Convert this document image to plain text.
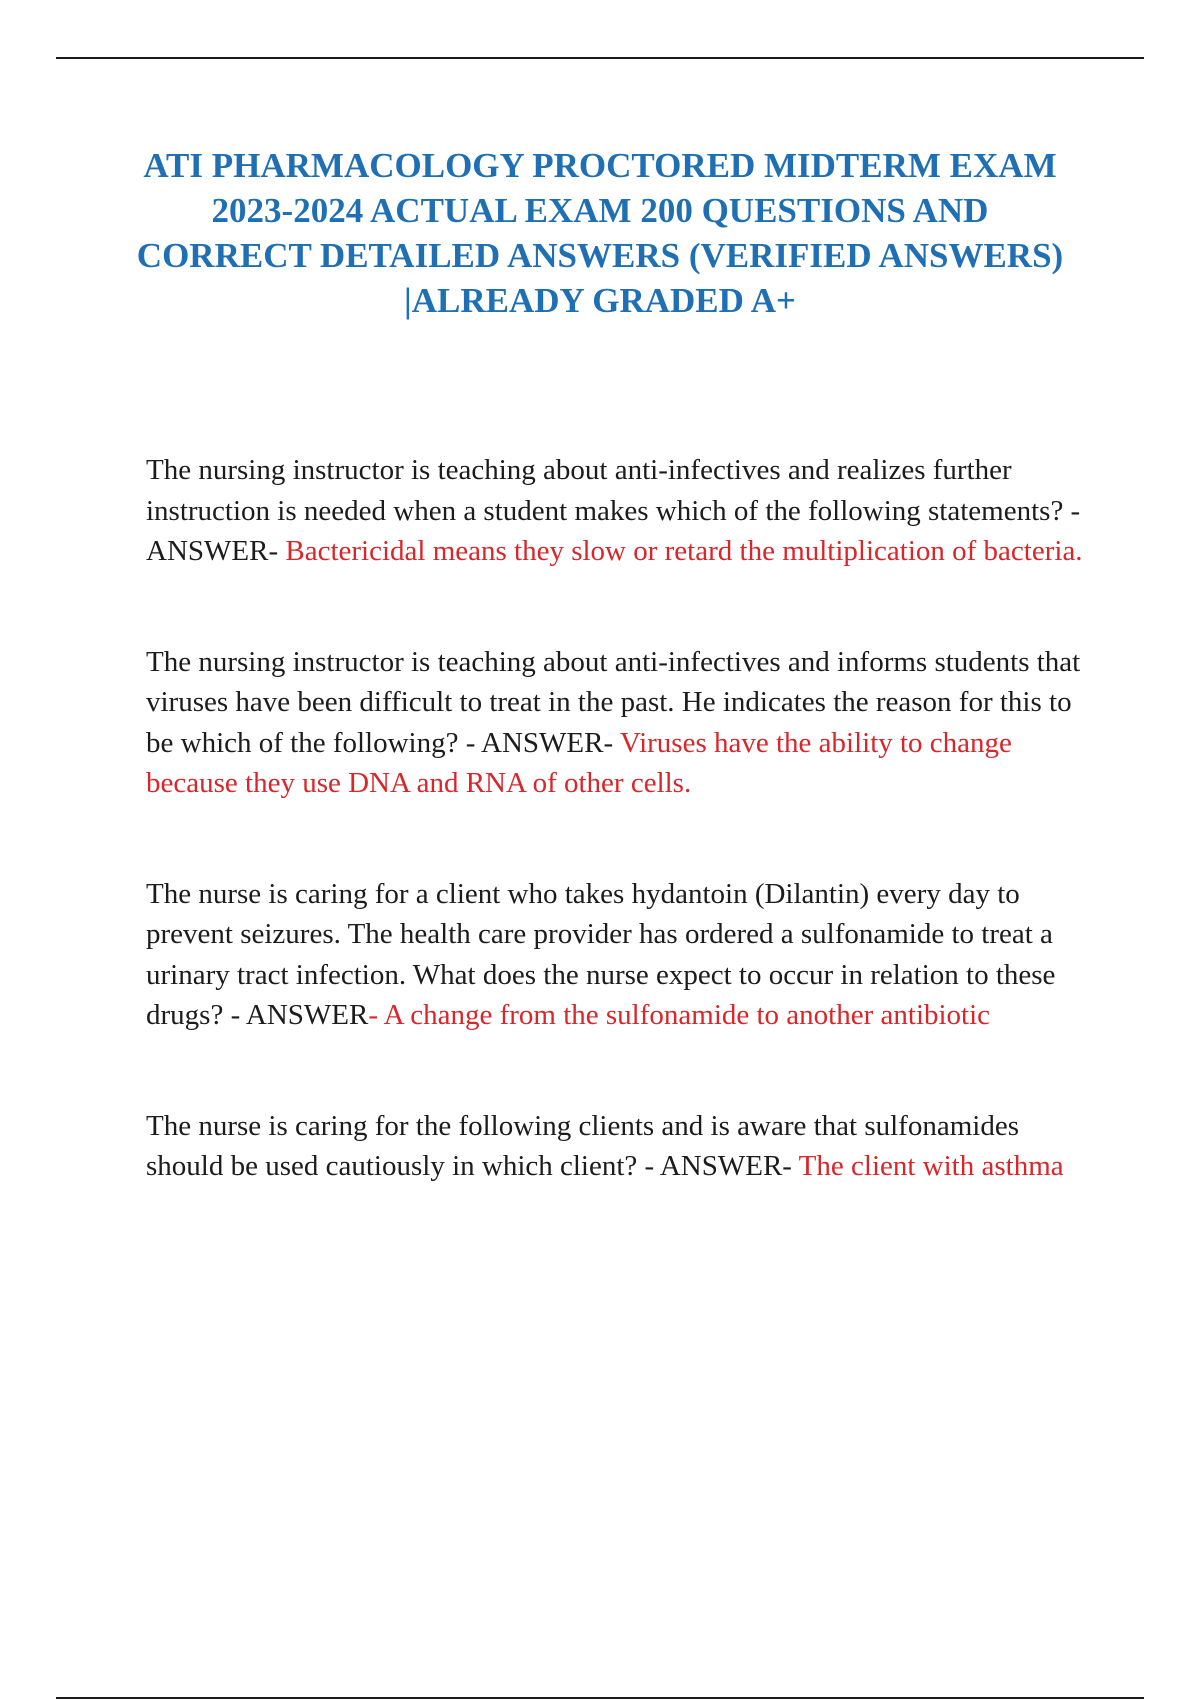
ATI PHARMACOLOGY PROCTORED MIDTERM EXAM 2023-2024 ACTUAL EXAM 200 QUESTIONS AND CORRECT DETAILED ANSWERS (VERIFIED ANSWERS) |ALREADY GRADED A+

The nursing instructor is teaching about anti-infectives and realizes further instruction is needed when a student makes which of the following statements? - ANSWER- Bactericidal means they slow or retard the multiplication of bacteria.

The nursing instructor is teaching about anti-infectives and informs students that viruses have been difficult to treat in the past. He indicates the reason for this to be which of the following? - ANSWER- Viruses have the ability to change because they use DNA and RNA of other cells.

The nurse is caring for a client who takes hydantoin (Dilantin) every day to prevent seizures. The health care provider has ordered a sulfonamide to treat a urinary tract infection. What does the nurse expect to occur in relation to these drugs? - ANSWER- A change from the sulfonamide to another antibiotic

The nurse is caring for the following clients and is aware that sulfonamides should be used cautiously in which client? - ANSWER- The client with asthma
